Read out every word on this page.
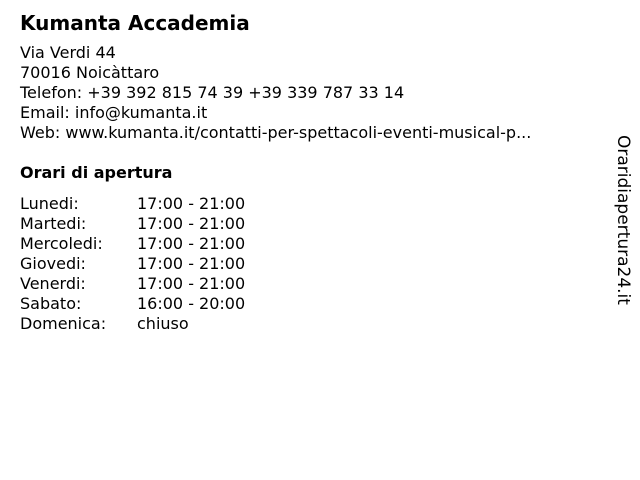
Kumanta Accademia
Via Verdi 44
70016 Noicàttaro
Telefon: +39 392 815 74 39 +39 339 787 33 14
Email: info@kumanta.it
Web: www.kumanta.it/contatti-per-spettacoli-eventi-musical-p...
Orari di apertura
Lunedi:	17:00 - 21:00
Martedi:	17:00 - 21:00
Mercoledi:	17:00 - 21:00
Giovedi:	17:00 - 21:00
Venerdi:	17:00 - 21:00
Sabato:	16:00 - 20:00
Domenica:	chiuso
Oraridiapertura24.it
